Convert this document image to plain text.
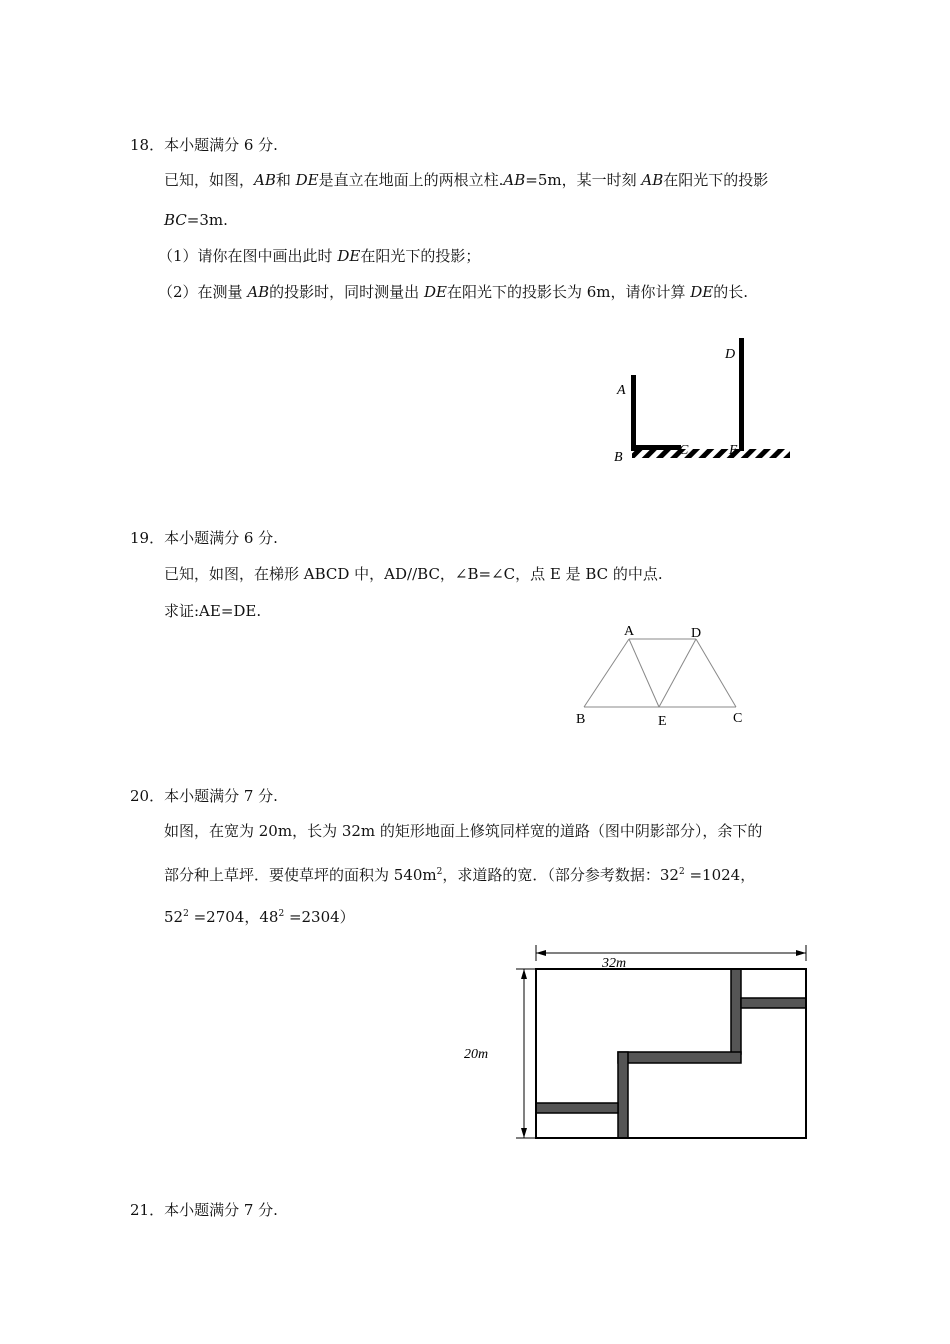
18．本小题满分 6 分.
已知，如图，AB和 DE是直立在地面上的两根立柱.AB=5m，某一时刻 AB在阳光下的投影
BC=3m.
（1）请你在图中画出此时 DE在阳光下的投影；
（2）在测量 AB的投影时，同时测量出 DE在阳光下的投影长为 6m，请你计算 DE的长.
A
B	C
D
E
19．本小题满分 6 分.
已知，如图，在梯形 ABCD 中，AD//BC，∠B=∠C，点 E 是 BC 的中点.
求证:AE=DE.
A	D
B	E	C
20．本小题满分 7 分.
如图，在宽为 20m，长为 32m 的矩形地面上修筑同样宽的道路（图中阴影部分），余下的
部分种上草坪．要使草坪的面积为 $540m^2$，求道路的宽．（部分参考数据：$32^2 =1024$，
$52^2 =2704$，$48^2 =2304$）
32m
20m
21．本小题满分 7 分.
